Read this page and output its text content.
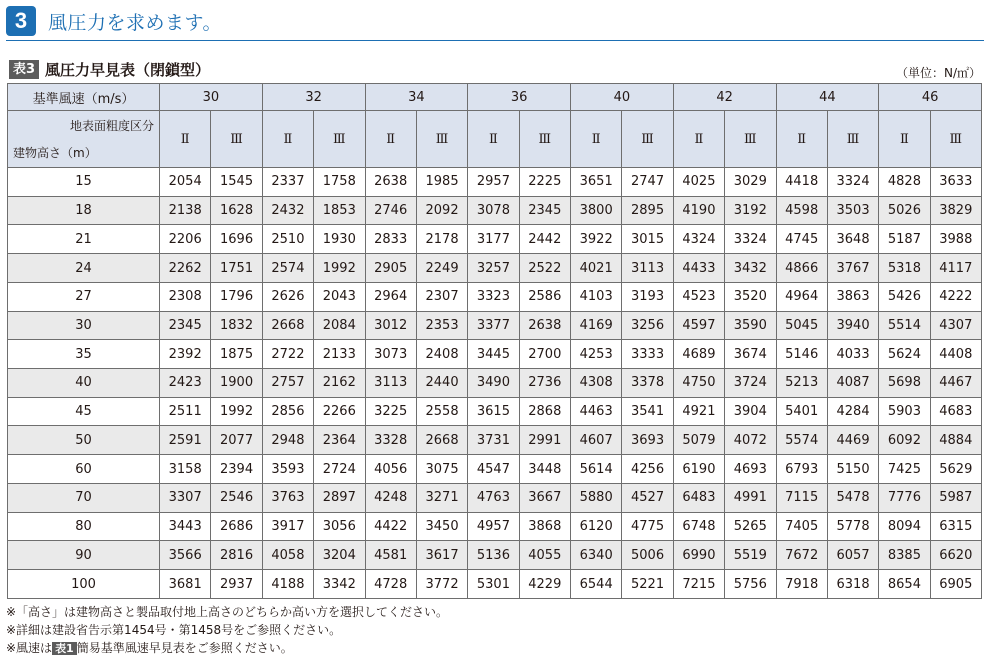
3	風圧力を求めます。
表3 風圧力早見表（閉鎖型）	（単位：N/㎡）
基準風速（m/s）	30		32		34		36		40		42		44		46	

地表面粗度区分
建物高さ（m）	Ⅱ	Ⅲ	Ⅱ	Ⅲ	Ⅱ	Ⅲ	Ⅱ	Ⅲ	Ⅱ	Ⅲ	Ⅱ	Ⅲ	Ⅱ	Ⅲ	Ⅱ	Ⅲ
15	2054	1545	2337	1758	2638	1985	2957	2225	3651	2747	4025	3029	4418	3324	4828	3633
18	2138	1628	2432	1853	2746	2092	3078	2345	3800	2895	4190	3192	4598	3503	5026	3829
21	2206	1696	2510	1930	2833	2178	3177	2442	3922	3015	4324	3324	4745	3648	5187	3988
24	2262	1751	2574	1992	2905	2249	3257	2522	4021	3113	4433	3432	4866	3767	5318	4117
27	2308	1796	2626	2043	2964	2307	3323	2586	4103	3193	4523	3520	4964	3863	5426	4222
30	2345	1832	2668	2084	3012	2353	3377	2638	4169	3256	4597	3590	5045	3940	5514	4307
35	2392	1875	2722	2133	3073	2408	3445	2700	4253	3333	4689	3674	5146	4033	5624	4408
40	2423	1900	2757	2162	3113	2440	3490	2736	4308	3378	4750	3724	5213	4087	5698	4467
45	2511	1992	2856	2266	3225	2558	3615	2868	4463	3541	4921	3904	5401	4284	5903	4683
50	2591	2077	2948	2364	3328	2668	3731	2991	4607	3693	5079	4072	5574	4469	6092	4884
60	3158	2394	3593	2724	4056	3075	4547	3448	5614	4256	6190	4693	6793	5150	7425	5629
70	3307	2546	3763	2897	4248	3271	4763	3667	5880	4527	6483	4991	7115	5478	7776	5987
80	3443	2686	3917	3056	4422	3450	4957	3868	6120	4775	6748	5265	7405	5778	8094	6315
90	3566	2816	4058	3204	4581	3617	5136	4055	6340	5006	6990	5519	7672	6057	8385	6620
100	3681	2937	4188	3342	4728	3772	5301	4229	6544	5221	7215	5756	7918	6318	8654	6905
※「高さ」は建物高さと製品取付地上高さのどちらか高い方を選択してください。
※詳細は建設省告示第1454号・第1458号をご参照ください。
※風速は 表1 簡易基準風速早見表をご参照ください。
